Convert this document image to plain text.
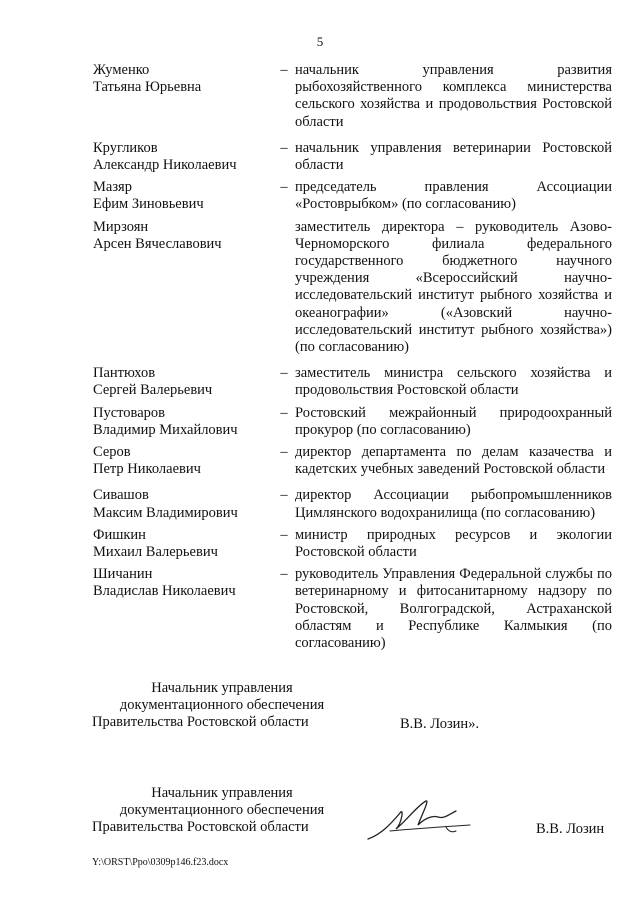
5
Жуменко
Татьяна Юрьевна
– начальник управления развития рыбохозяйственного комплекса министерства сельского хозяйства и продовольствия Ростовской области
Кругликов
Александр Николаевич
– начальник управления ветеринарии Ростовской области
Мазяр
Ефим Зиновьевич
– председатель правления Ассоциации «Ростоврыбком» (по согласованию)
Мирзоян
Арсен Вячеславович
заместитель директора – руководитель Азово-Черноморского филиала федерального государственного бюджетного научного учреждения «Всероссийский научно-исследовательский институт рыбного хозяйства и океанографии» («Азовский научно-исследовательский институт рыбного хозяйства») (по согласованию)
Пантюхов
Сергей Валерьевич
– заместитель министра сельского хозяйства и продовольствия Ростовской области
Пустоваров
Владимир Михайлович
– Ростовский межрайонный природоохранный прокурор (по согласованию)
Серов
Петр Николаевич
– директор департамента по делам казачества и кадетских учебных заведений Ростовской области
Сивашов
Максим Владимирович
– директор Ассоциации рыбопромышленников Цимлянского водохранилища (по согласованию)
Фишкин
Михаил Валерьевич
– министр природных ресурсов и экологии Ростовской области
Шичанин
Владислав Николаевич
– руководитель Управления Федеральной службы по ветеринарному и фитосанитарному надзору по Ростовской, Волгоградской, Астраханской областям и Республике Калмыкия (по согласованию)
Начальник управления
документационного обеспечения
Правительства Ростовской области	В.В. Лозин».
Начальник управления
документационного обеспечения
Правительства Ростовской области	В.В. Лозин
Y:\ORST\Ppo\0309p146.f23.docx
